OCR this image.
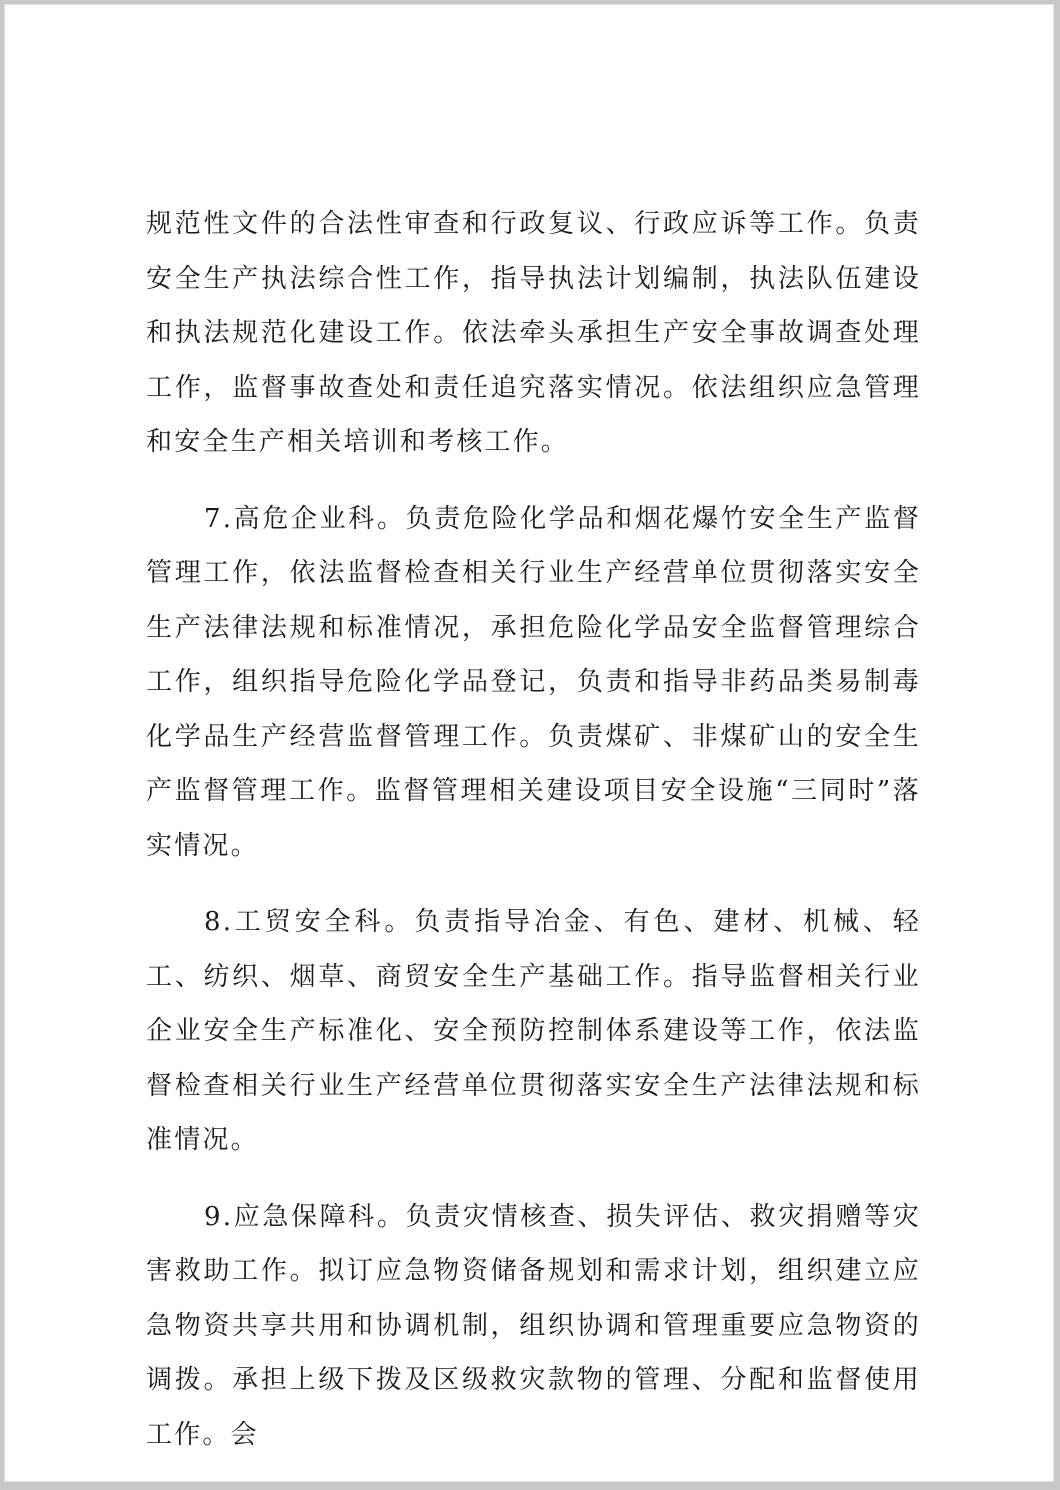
规范性文件的合法性审查和行政复议、行政应诉等工作。负责安全生产执法综合性工作，指导执法计划编制，执法队伍建设和执法规范化建设工作。依法牵头承担生产安全事故调查处理工作，监督事故查处和责任追究落实情况。依法组织应急管理和安全生产相关培训和考核工作。

7.高危企业科。负责危险化学品和烟花爆竹安全生产监督管理工作，依法监督检查相关行业生产经营单位贯彻落实安全生产法律法规和标准情况，承担危险化学品安全监督管理综合工作，组织指导危险化学品登记，负责和指导非药品类易制毒化学品生产经营监督管理工作。负责煤矿、非煤矿山的安全生产监督管理工作。监督管理相关建设项目安全设施“三同时”落实情况。

8.工贸安全科。负责指导冶金、有色、建材、机械、轻工、纺织、烟草、商贸安全生产基础工作。指导监督相关行业企业安全生产标准化、安全预防控制体系建设等工作，依法监督检查相关行业生产经营单位贯彻落实安全生产法律法规和标准情况。

9.应急保障科。负责灾情核查、损失评估、救灾捐赠等灾害救助工作。拟订应急物资储备规划和需求计划，组织建立应急物资共享共用和协调机制，组织协调和管理重要应急物资的调拨。承担上级下拨及区级救灾款物的管理、分配和监督使用工作。会
